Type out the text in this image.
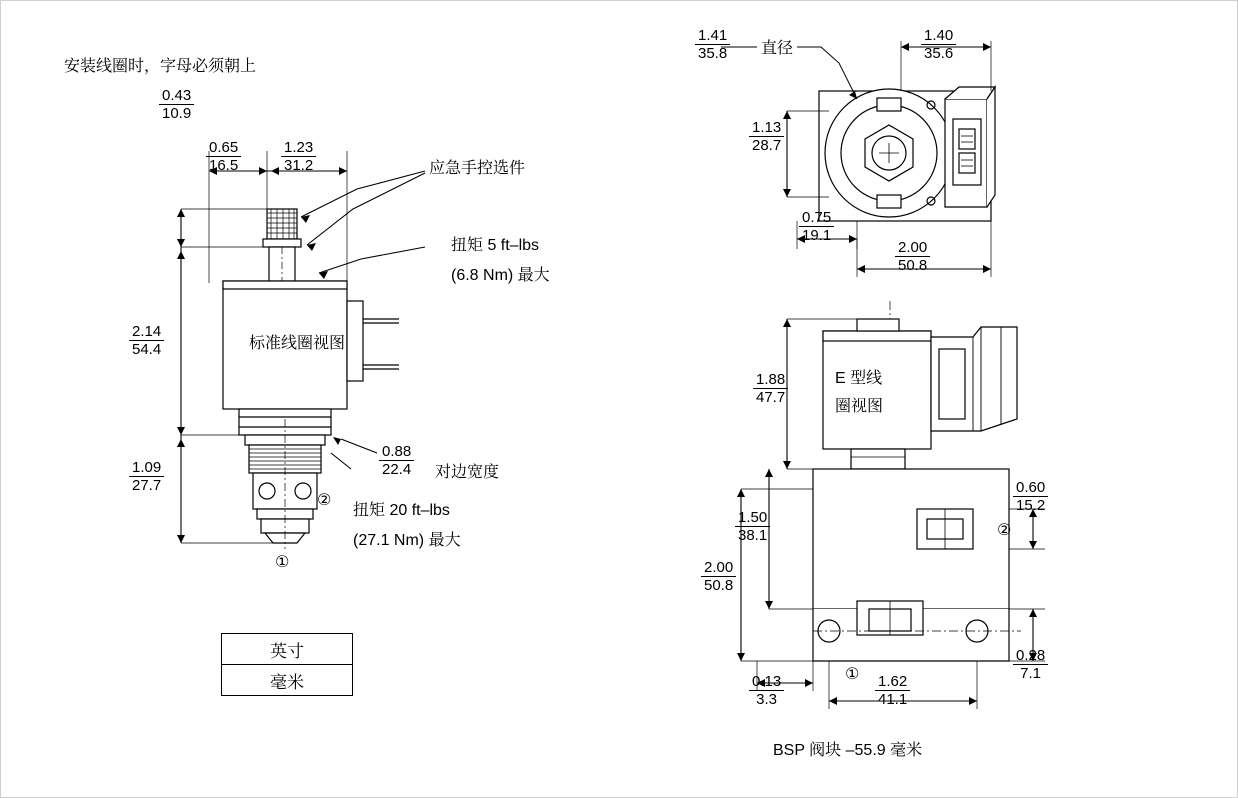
安装线圈时，字母必须朝上
0.43
10.9
0.65
16.5
1.23
31.2
2.14
54.4
1.09
27.7
0.88
22.4
标准线圈视图
应急手控选件
扭矩 5 ft–lbs
(6.8 Nm) 最大
对边宽度
扭矩 20 ft–lbs
(27.1 Nm) 最大
②
①
英寸
毫米
1.41
35.8 直径
1.40
35.6
1.13
28.7
0.75
19.1
2.00
50.8
1.88
47.7
E 型线
圈视图
1.50
38.1
2.00
50.8
0.60
15.2
0.28
7.1
0.13
3.3
1.62
41.1
②
①
BSP 阀块 –55.9 毫米
